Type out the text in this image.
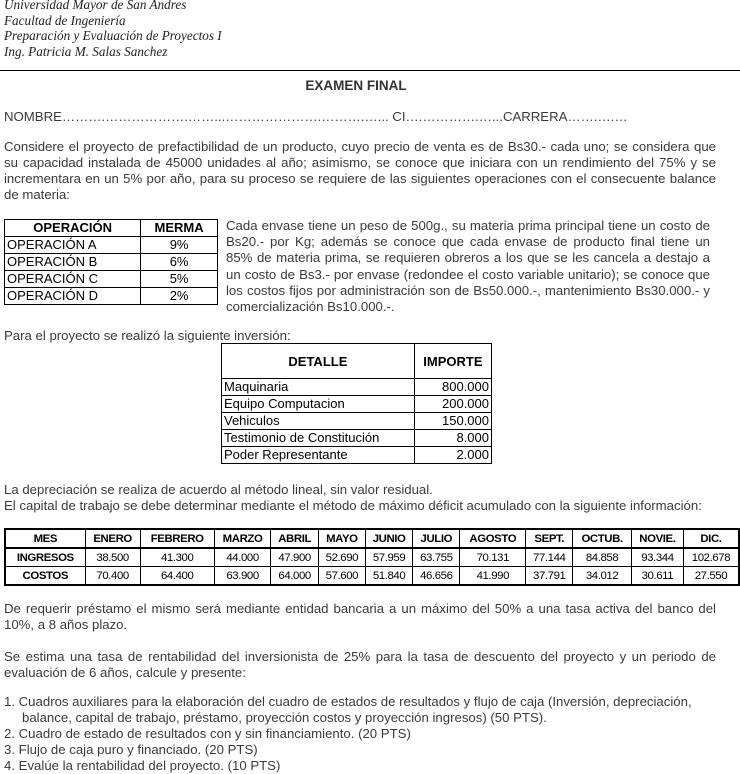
Universidad Mayor de San Andres
Facultad de Ingeniería
Preparación y Evaluación de Proyectos I
Ing. Patricia M. Salas Sanchez
EXAMEN FINAL
NOMBRE……….……………….……...………………….……….…... CI….………….…...CARRERA…….….…
Considere el proyecto de prefactibilidad de un producto, cuyo precio de venta es de Bs30.- cada uno; se considera que su capacidad instalada de 45000 unidades al año; asimismo, se conoce que iniciara con un rendimiento del 75% y se incrementara en un 5% por año, para su proceso se requiere de las siguientes operaciones con el consecuente balance de materia:
OPERACIÓN	MERMA
OPERACIÓN A	9%
OPERACIÓN B	6%
OPERACIÓN C	5%
OPERACIÓN D	2%
Cada envase tiene un peso de 500g., su materia prima principal tiene un costo de Bs20.- por Kg; además se conoce que cada envase de producto final tiene un 85% de materia prima, se requieren obreros a los que se les cancela a destajo a un costo de Bs3.- por envase (redondee el costo variable unitario); se conoce que los costos fijos por administración son de Bs50.000.-, mantenimiento Bs30.000.- y comercialización Bs10.000.-.
Para el proyecto se realizó la siguiente inversión:
DETALLE	IMPORTE
Maquinaria	800.000
Equipo Computacion	200.000
Vehiculos	150.000
Testimonio de Constitución	8.000
Poder Representante	2.000
La depreciación se realiza de acuerdo al método lineal, sin valor residual.
El capital de trabajo se debe determinar mediante el método de máximo déficit acumulado con la siguiente información:
MES	ENERO	FEBRERO	MARZO	ABRIL	MAYO	JUNIO	JULIO	AGOSTO	SEPT.	OCTUB.	NOVIE.	DIC.
INGRESOS	38.500	41.300	44.000	47.900	52.690	57.959	63.755	70.131	77.144	84.858	93.344	102.678
COSTOS	70.400	64.400	63.900	64.000	57.600	51.840	46.656	41.990	37.791	34.012	30.611	27.550
De requerir préstamo el mismo será mediante entidad bancaria a un máximo del 50% a una tasa activa del banco del 10%, a 8 años plazo.
Se estima una tasa de rentabilidad del inversionista de 25% para la tasa de descuento del proyecto y un periodo de evaluación de 6 años, calcule y presente:
1. Cuadros auxiliares para la elaboración del cuadro de estados de resultados y flujo de caja (Inversión, depreciación, balance, capital de trabajo, préstamo, proyección costos y proyección ingresos) (50 PTS).
2. Cuadro de estado de resultados con y sin financiamiento. (20 PTS)
3. Flujo de caja puro y financiado. (20 PTS)
4. Evalúe la rentabilidad del proyecto. (10 PTS)
